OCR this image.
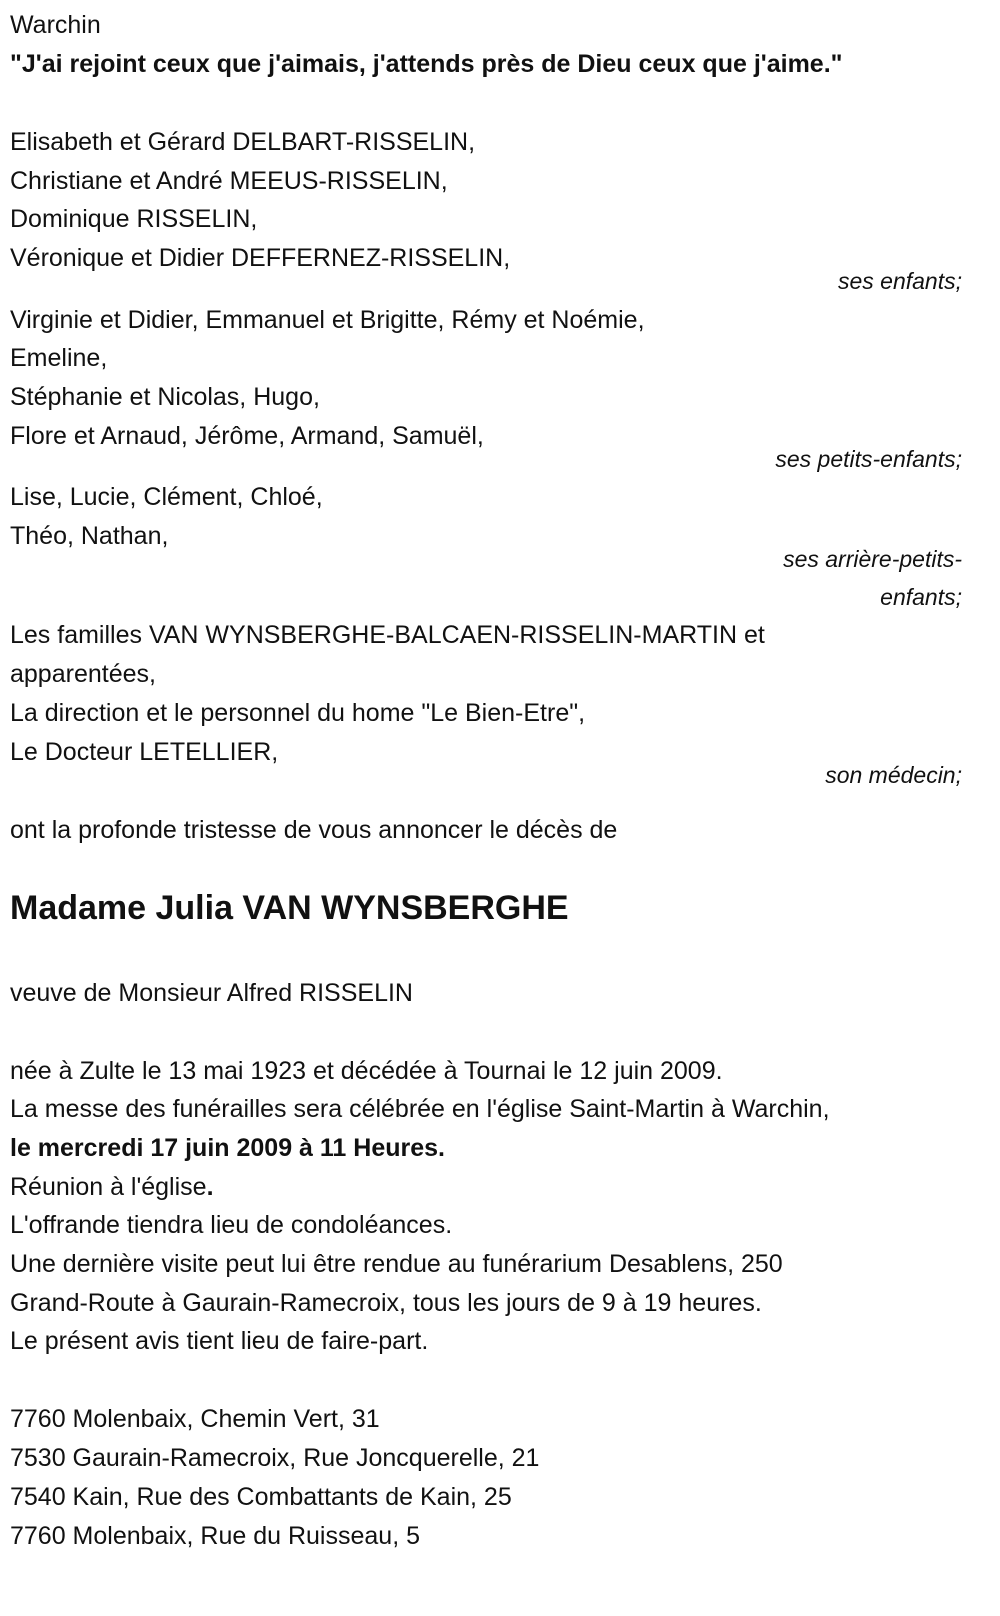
Warchin
"J'ai rejoint ceux que j'aimais, j'attends près de Dieu ceux que j'aime."
Elisabeth et Gérard DELBART-RISSELIN,
Christiane et André MEEUS-RISSELIN,
Dominique RISSELIN,
Véronique et Didier DEFFERNEZ-RISSELIN,
ses enfants;
Virginie et Didier, Emmanuel et Brigitte, Rémy et Noémie,
Emeline,
Stéphanie et Nicolas, Hugo,
Flore et Arnaud, Jérôme, Armand, Samuël,
ses petits-enfants;
Lise, Lucie, Clément, Chloé,
Théo, Nathan,
ses arrière-petits-
enfants;
Les familles VAN WYNSBERGHE-BALCAEN-RISSELIN-MARTIN et
apparentées,
La direction et le personnel du home "Le Bien-Etre",
Le Docteur LETELLIER,
son médecin;
ont la profonde tristesse de vous annoncer le décès de
Madame Julia VAN WYNSBERGHE
veuve de Monsieur Alfred RISSELIN
née à Zulte le 13 mai 1923 et décédée à Tournai le 12 juin 2009.
La messe des funérailles sera célébrée en l'église Saint-Martin à Warchin,
le mercredi 17 juin 2009 à 11 Heures.
Réunion à l'église.
L'offrande tiendra lieu de condoléances.
Une dernière visite peut lui être rendue au funérarium Desablens, 250
Grand-Route à Gaurain-Ramecroix, tous les jours de 9 à 19 heures.
Le présent avis tient lieu de faire-part.
7760 Molenbaix, Chemin Vert, 31
7530 Gaurain-Ramecroix, Rue Joncquerelle, 21
7540 Kain, Rue des Combattants de Kain, 25
7760 Molenbaix, Rue du Ruisseau, 5
